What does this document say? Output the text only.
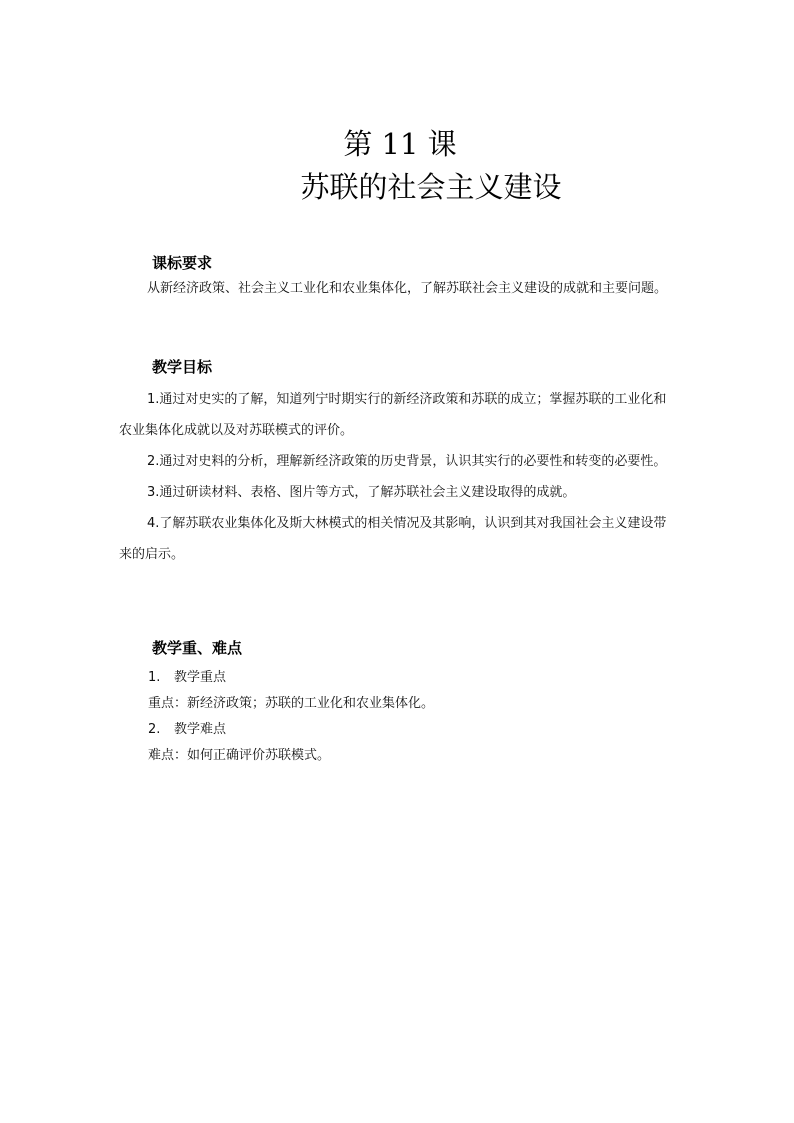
第 11 课
苏联的社会主义建设
课标要求

从新经济政策、社会主义工业化和农业集体化，了解苏联社会主义建设的成就和主要问题。

教学目标

1.通过对史实的了解，知道列宁时期实行的新经济政策和苏联的成立；掌握苏联的工业化和农业集体化成就以及对苏联模式的评价。

2.通过对史料的分析，理解新经济政策的历史背景，认识其实行的必要性和转变的必要性。

3.通过研读材料、表格、图片等方式，了解苏联社会主义建设取得的成就。

4.了解苏联农业集体化及斯大林模式的相关情况及其影响，认识到其对我国社会主义建设带来的启示。

教学重、难点
1.	教学重点
重点：新经济政策；苏联的工业化和农业集体化。
2.	教学难点
难点：如何正确评价苏联模式。
